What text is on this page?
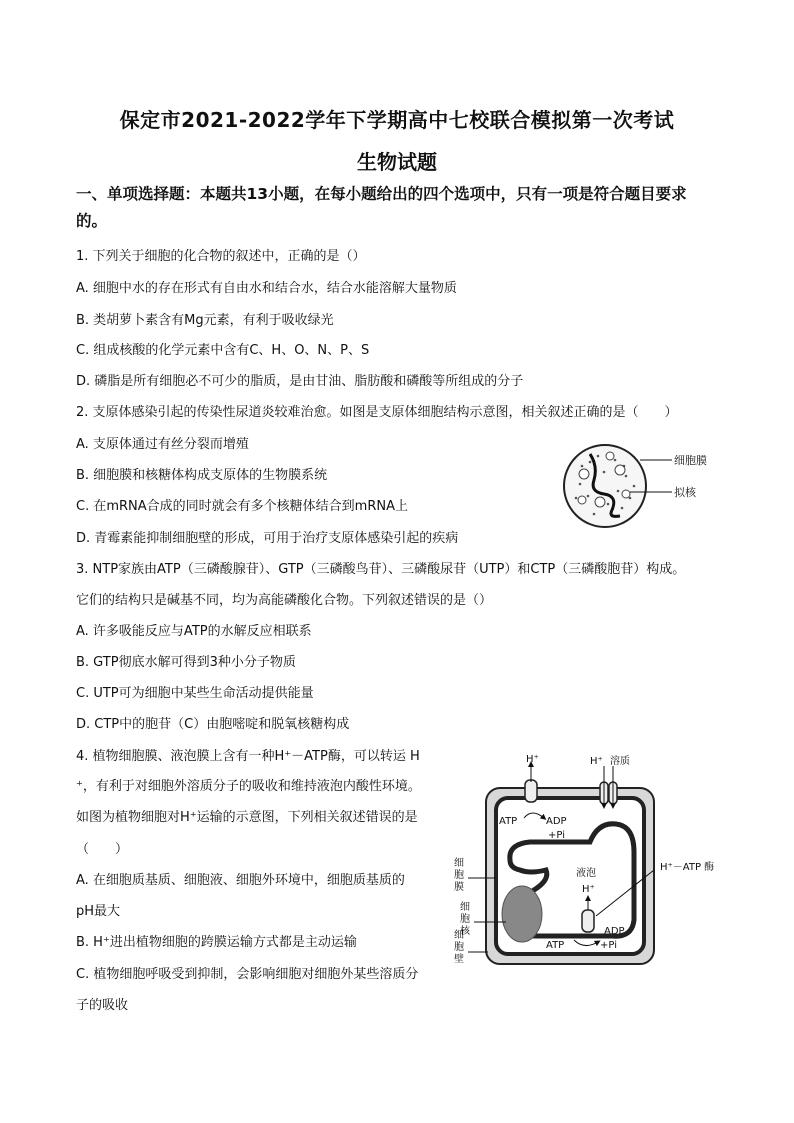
保定市2021-2022学年下学期高中七校联合模拟第一次考试
生物试题
一、单项选择题：本题共13小题，在每小题给出的四个选项中，只有一项是符合题目要求
的。
1. 下列关于细胞的化合物的叙述中，正确的是（）
A. 细胞中水的存在形式有自由水和结合水，结合水能溶解大量物质
B. 类胡萝卜素含有Mg元素，有利于吸收绿光
C. 组成核酸的化学元素中含有C、H、O、N、P、S
D. 磷脂是所有细胞必不可少的脂质，是由甘油、脂肪酸和磷酸等所组成的分子
2. 支原体感染引起的传染性尿道炎较难治愈。如图是支原体细胞结构示意图，相关叙述正确的是（　　）
A. 支原体通过有丝分裂而增殖
B. 细胞膜和核糖体构成支原体的生物膜系统
C. 在mRNA合成的同时就会有多个核糖体结合到mRNA上
D. 青霉素能抑制细胞壁的形成，可用于治疗支原体感染引起的疾病
细胞膜
拟核
3. NTP家族由ATP（三磷酸腺苷）、GTP（三磷酸鸟苷）、三磷酸尿苷（UTP）和CTP（三磷酸胞苷）构成。
它们的结构只是碱基不同，均为高能磷酸化合物。下列叙述错误的是（）
A. 许多吸能反应与ATP的水解反应相联系
B. GTP彻底水解可得到3种小分子物质
C. UTP可为细胞中某些生命活动提供能量
D. CTP中的胞苷（C）由胞嘧啶和脱氧核糖构成
4. 植物细胞膜、液泡膜上含有一种H⁺－ATP酶，可以转运 H
⁺，有利于对细胞外溶质分子的吸收和维持液泡内酸性环境。
如图为植物细胞对H⁺运输的示意图，下列相关叙述错误的是
（　　）
A. 在细胞质基质、细胞液、细胞外环境中，细胞质基质的
pH最大
B. H⁺进出植物细胞的跨膜运输方式都是主动运输
C. 植物细胞呼吸受到抑制，会影响细胞对细胞外某些溶质分
子的吸收
H⁺
ATP	ADP
+Pi
H⁺ 溶质
液泡
H⁺
H⁺－ATP 酶
ADP
ATP	+Pi
细 胞 膜
细 胞 核
细 胞 壁
